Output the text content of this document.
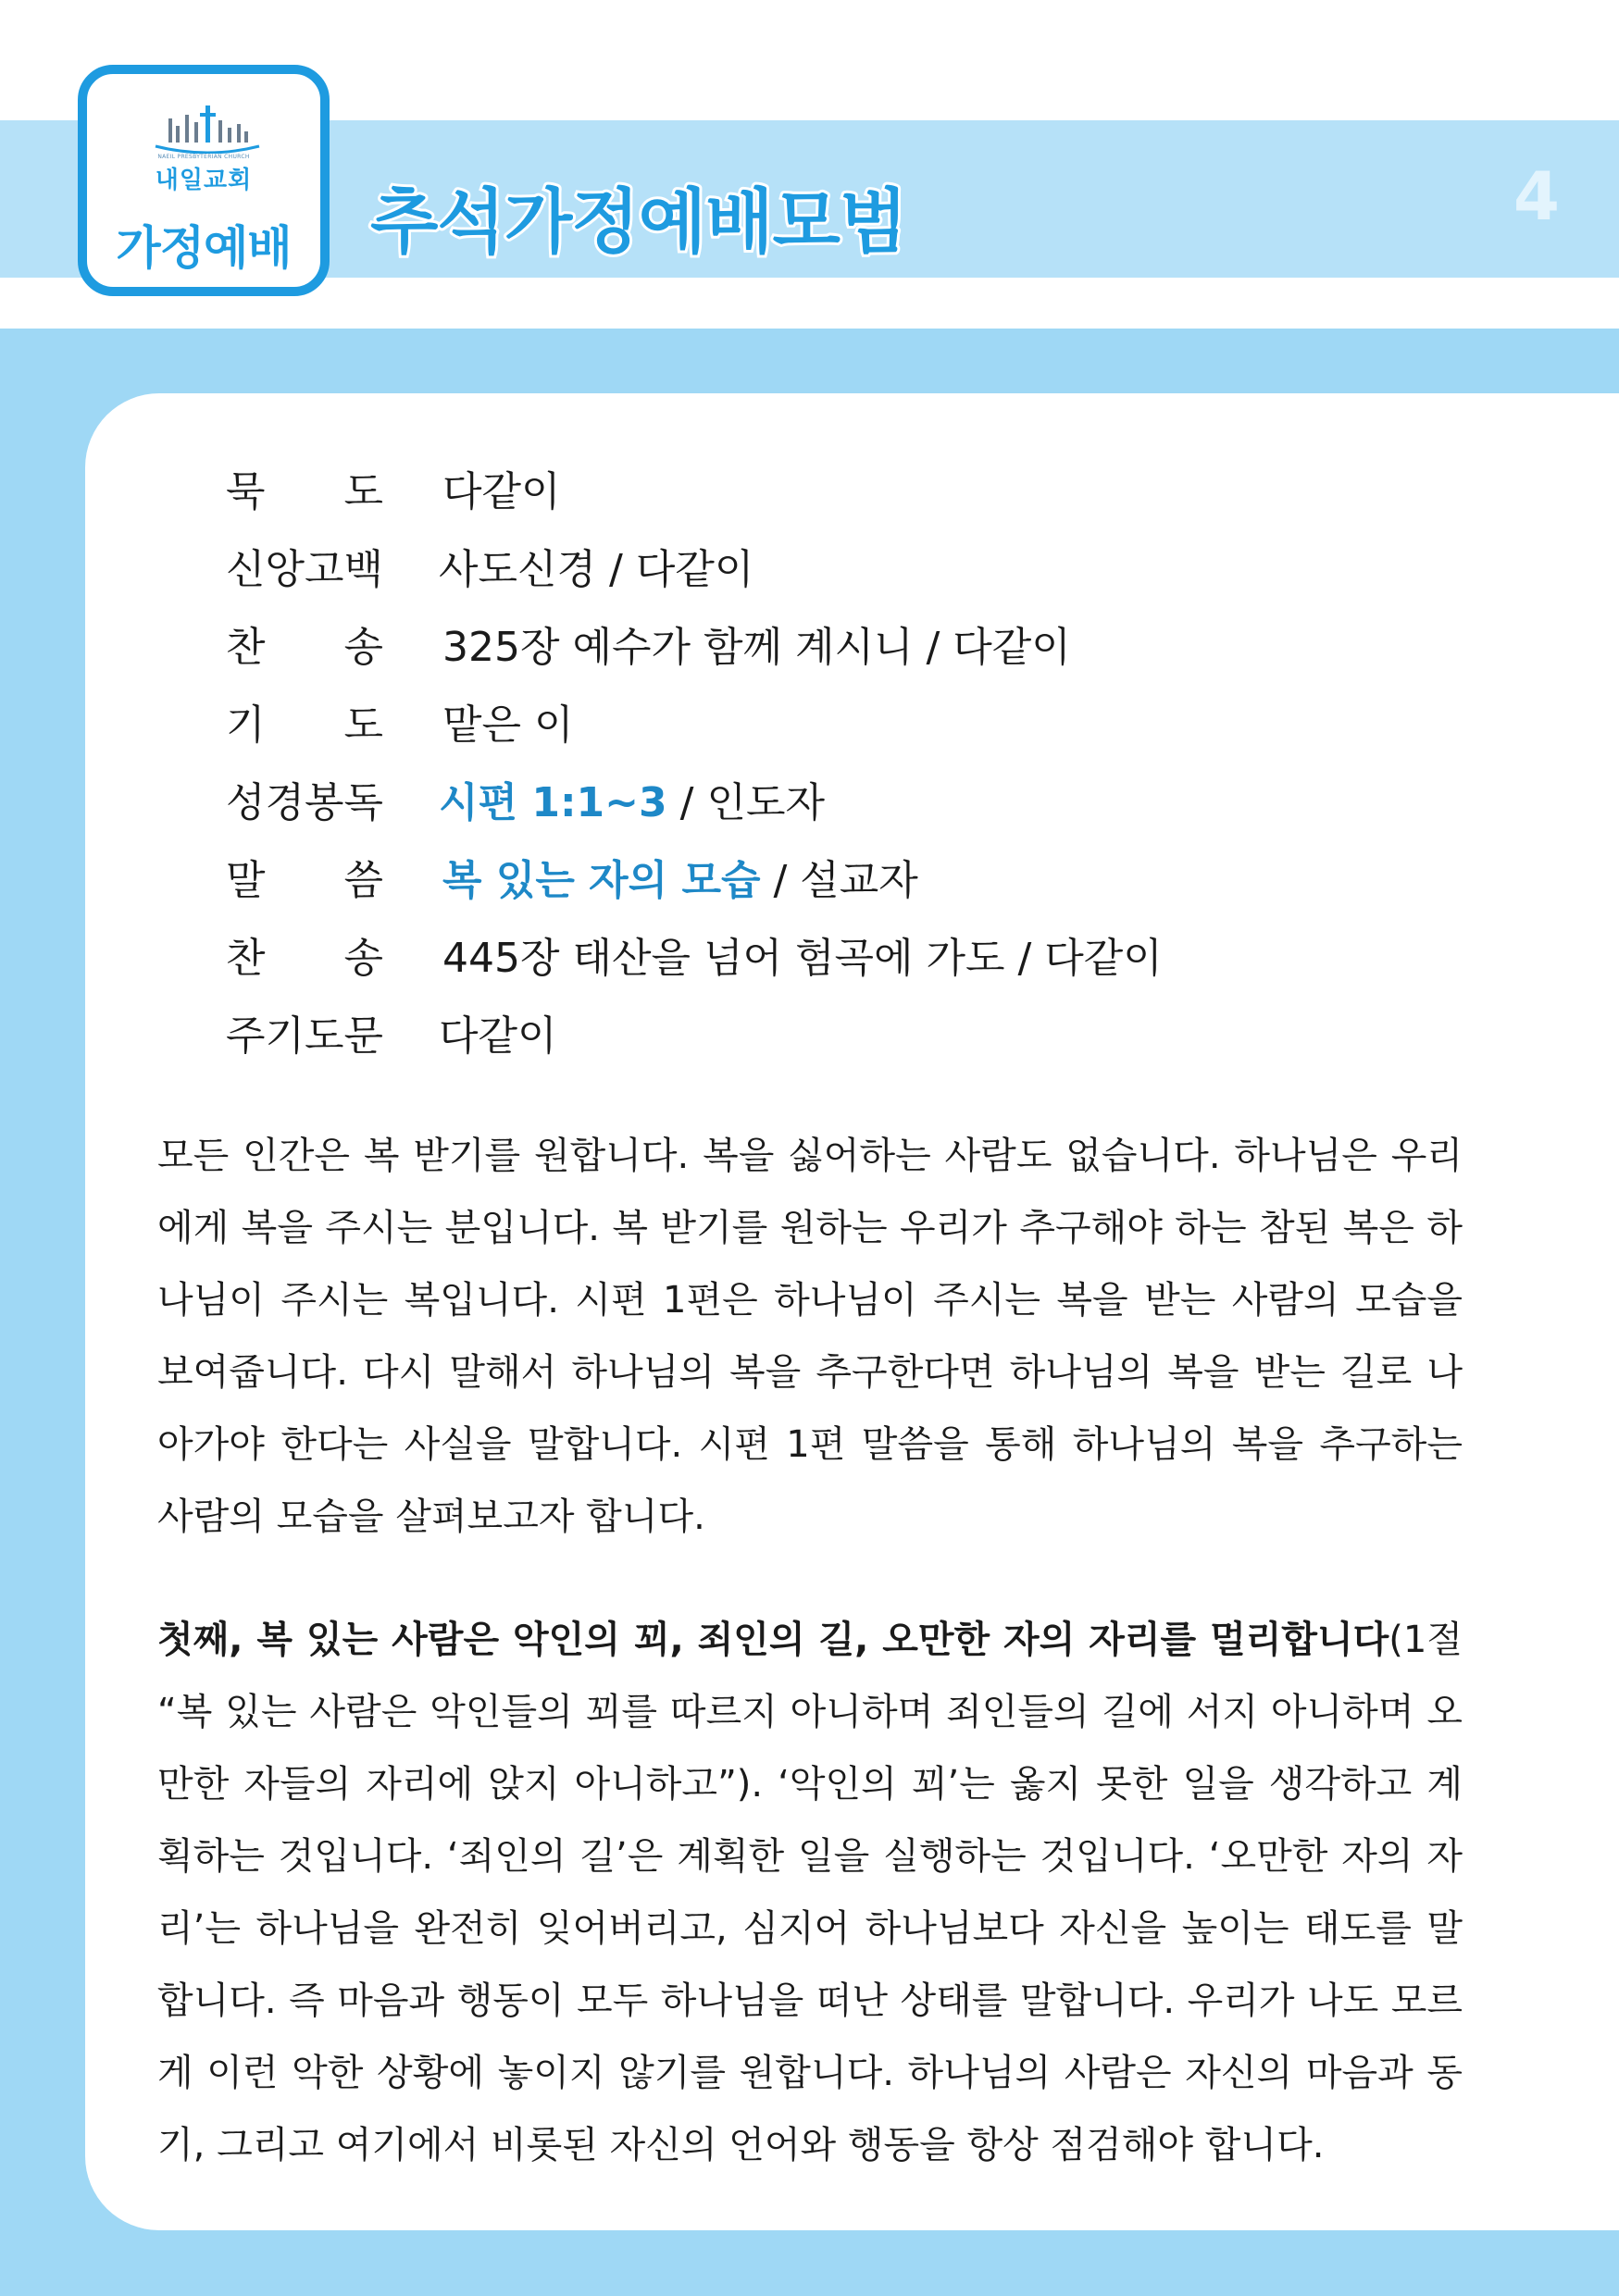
NAEIL PRESBYTERIAN CHURCH
내일교회
가정예배	추석가정예배모범	4
묵 도 다같이
신앙고백 사도신경 / 다같이
찬 송 325장 예수가 함께 계시니 / 다같이
기 도 맡은 이
성경봉독 시편 1:1~3 / 인도자
말 씀 복 있는 자의 모습 / 설교자
찬 송 445장 태산을 넘어 험곡에 가도 / 다같이
주기도문 다같이

모든 인간은 복 받기를 원합니다. 복을 싫어하는 사람도 없습니다. 하나님은 우리에게 복을 주시는 분입니다. 복 받기를 원하는 우리가 추구해야 하는 참된 복은 하나님이 주시는 복입니다. 시편 1편은 하나님이 주시는 복을 받는 사람의 모습을 보여줍니다. 다시 말해서 하나님의 복을 추구한다면 하나님의 복을 받는 길로 나아가야 한다는 사실을 말합니다. 시편 1편 말씀을 통해 하나님의 복을 추구하는 사람의 모습을 살펴보고자 합니다.

첫째, 복 있는 사람은 악인의 꾀, 죄인의 길, 오만한 자의 자리를 멀리합니다(1절 “복 있는 사람은 악인들의 꾀를 따르지 아니하며 죄인들의 길에 서지 아니하며 오만한 자들의 자리에 앉지 아니하고”). ‘악인의 꾀’는 옳지 못한 일을 생각하고 계획하는 것입니다. ‘죄인의 길’은 계획한 일을 실행하는 것입니다. ‘오만한 자의 자리’는 하나님을 완전히 잊어버리고, 심지어 하나님보다 자신을 높이는 태도를 말합니다. 즉 마음과 행동이 모두 하나님을 떠난 상태를 말합니다. 우리가 나도 모르게 이런 악한 상황에 놓이지 않기를 원합니다. 하나님의 사람은 자신의 마음과 동기, 그리고 여기에서 비롯된 자신의 언어와 행동을 항상 점검해야 합니다.
